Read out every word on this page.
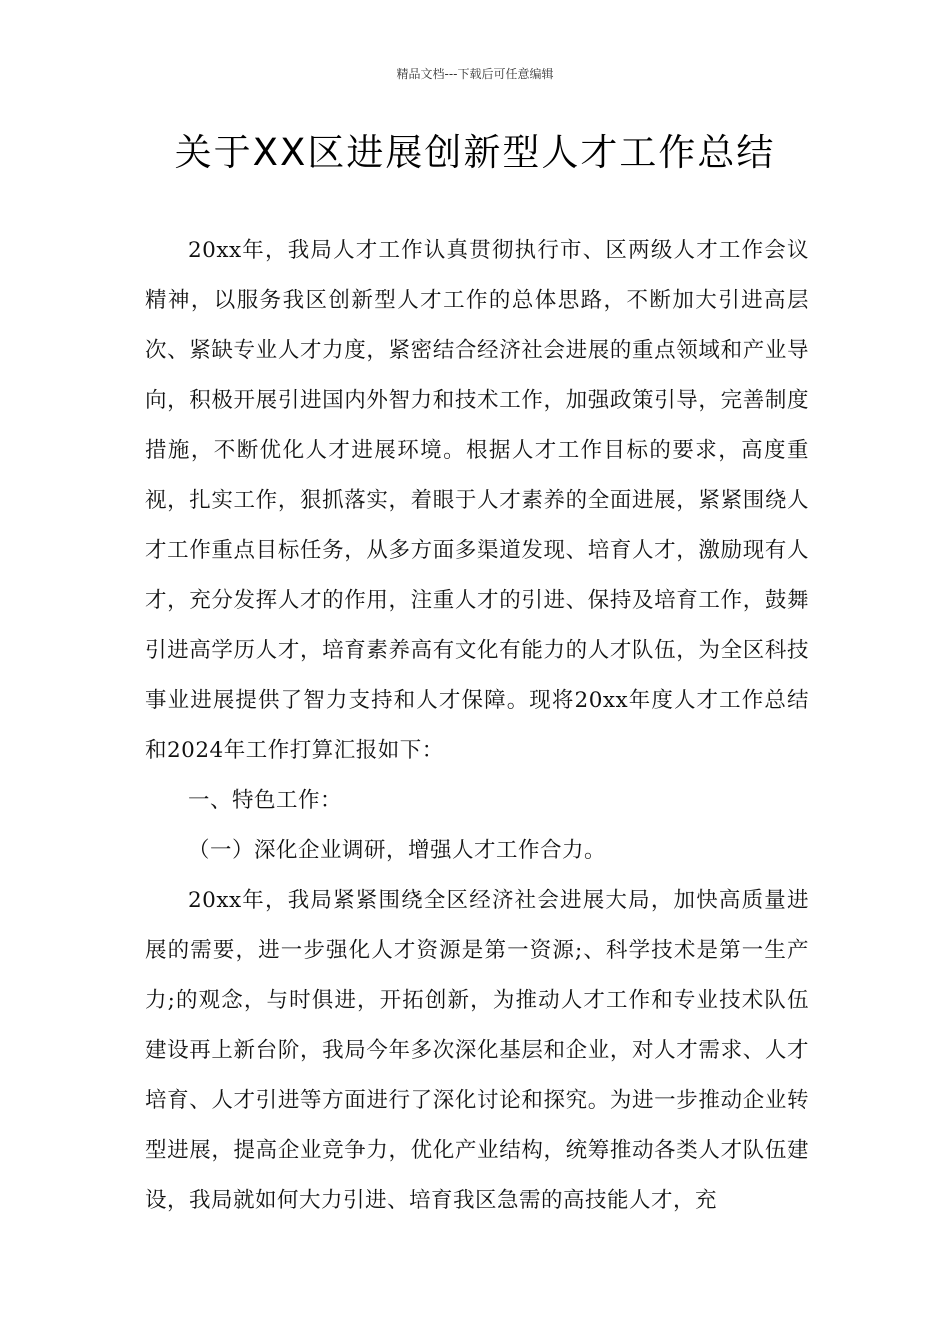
精品文档---下载后可任意编辑
关于XX区进展创新型人才工作总结

20xx年，我局人才工作认真贯彻执行市、区两级人才工作会议精神，以服务我区创新型人才工作的总体思路，不断加大引进高层次、紧缺专业人才力度，紧密结合经济社会进展的重点领域和产业导向，积极开展引进国内外智力和技术工作，加强政策引导，完善制度措施，不断优化人才进展环境。根据人才工作目标的要求，高度重视，扎实工作，狠抓落实，着眼于人才素养的全面进展，紧紧围绕人才工作重点目标任务，从多方面多渠道发现、培育人才，激励现有人才，充分发挥人才的作用，注重人才的引进、保持及培育工作，鼓舞引进高学历人才，培育素养高有文化有能力的人才队伍，为全区科技事业进展提供了智力支持和人才保障。现将20xx年度人才工作总结和2024年工作打算汇报如下：

一、特色工作：

（一）深化企业调研，增强人才工作合力。

20xx年，我局紧紧围绕全区经济社会进展大局，加快高质量进展的需要，进一步强化人才资源是第一资源;、科学技术是第一生产力;的观念，与时俱进，开拓创新，为推动人才工作和专业技术队伍建设再上新台阶，我局今年多次深化基层和企业，对人才需求、人才培育、人才引进等方面进行了深化讨论和探究。为进一步推动企业转型进展，提高企业竞争力，优化产业结构，统筹推动各类人才队伍建设，我局就如何大力引进、培育我区急需的高技能人才，充
